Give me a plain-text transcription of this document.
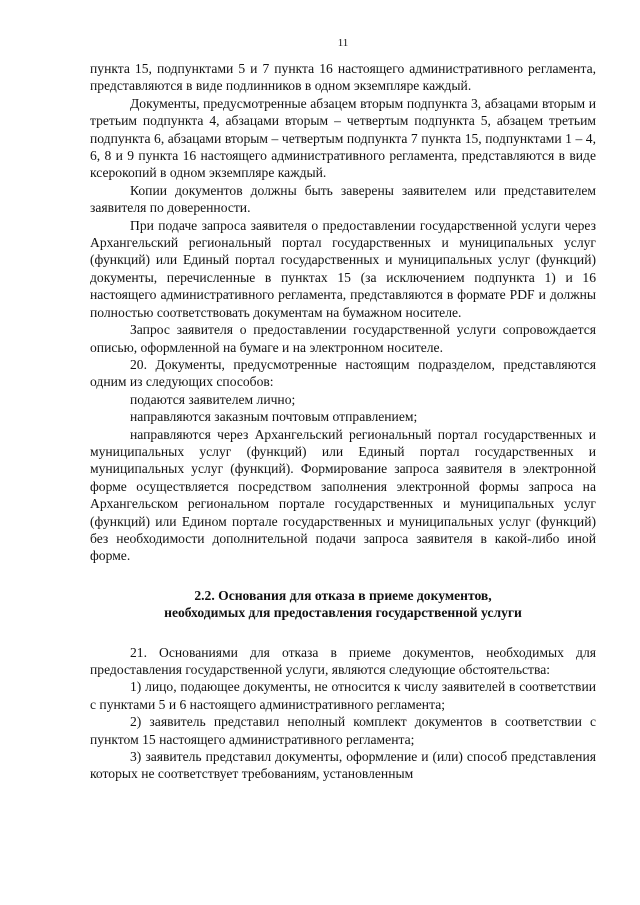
11

пункта 15, подпунктами 5 и 7 пункта 16 настоящего административного регламента, представляются в виде подлинников в одном экземпляре каждый.

Документы, предусмотренные абзацем вторым подпункта 3, абзацами вторым и третьим подпункта 4, абзацами вторым – четвертым подпункта 5, абзацем третьим подпункта 6, абзацами вторым – четвертым подпункта 7 пункта 15, подпунктами 1 – 4, 6, 8 и 9 пункта 16 настоящего административного регламента, представляются в виде ксерокопий в одном экземпляре каждый.

Копии документов должны быть заверены заявителем или представителем заявителя по доверенности.

При подаче запроса заявителя о предоставлении государственной услуги через Архангельский региональный портал государственных и муниципальных услуг (функций) или Единый портал государственных и муниципальных услуг (функций) документы, перечисленные в пунктах 15 (за исключением подпункта 1) и 16 настоящего административного регламента, представляются в формате PDF и должны полностью соответствовать документам на бумажном носителе.

Запрос заявителя о предоставлении государственной услуги сопровождается описью, оформленной на бумаге и на электронном носителе.

20. Документы, предусмотренные настоящим подразделом, представляются одним из следующих способов:

подаются заявителем лично;

направляются заказным почтовым отправлением;

направляются через Архангельский региональный портал государственных и муниципальных услуг (функций) или Единый портал государственных и муниципальных услуг (функций). Формирование запроса заявителя в электронной форме осуществляется посредством заполнения электронной формы запроса на Архангельском региональном портале государственных и муниципальных услуг (функций) или Едином портале государственных и муниципальных услуг (функций) без необходимости дополнительной подачи запроса заявителя в какой-либо иной форме.

2.2. Основания для отказа в приеме документов,
необходимых для предоставления государственной услуги

21. Основаниями для отказа в приеме документов, необходимых для предоставления государственной услуги, являются следующие обстоятельства:

1) лицо, подающее документы, не относится к числу заявителей в соответствии с пунктами 5 и 6 настоящего административного регламента;

2) заявитель представил неполный комплект документов в соответствии с пунктом 15 настоящего административного регламента;

3) заявитель представил документы, оформление и (или) способ представления которых не соответствует требованиям, установленным
